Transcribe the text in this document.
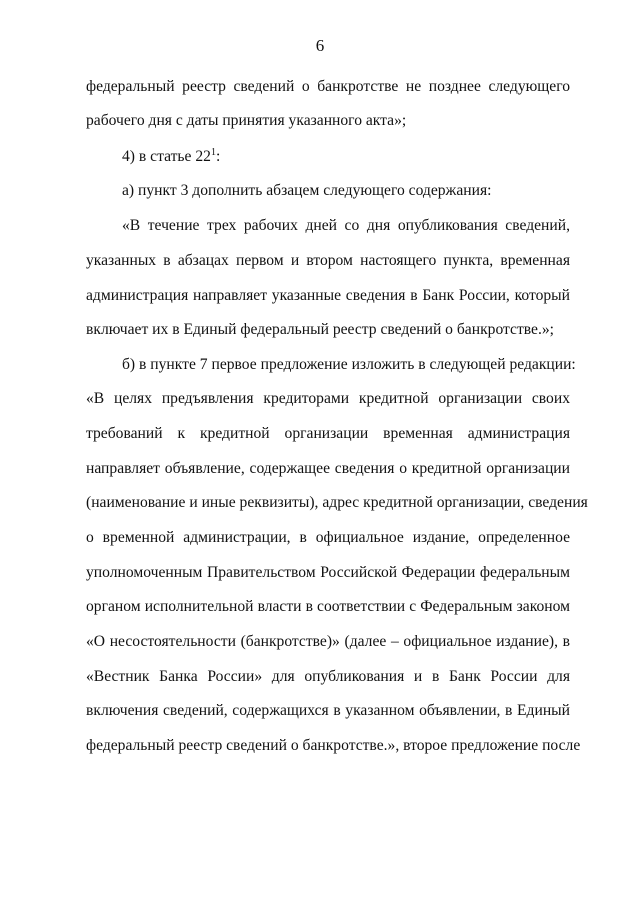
6
федеральный реестр сведений о банкротстве не позднее следующего
рабочего дня с даты принятия указанного акта»;
4) в статье $22^1$:
а) пункт 3 дополнить абзацем следующего содержания:
«В течение трех рабочих дней со дня опубликования сведений,
указанных в абзацах первом и втором настоящего пункта, временная
администрация направляет указанные сведения в Банк России, который
включает их в Единый федеральный реестр сведений о банкротстве.»;
б) в пункте 7 первое предложение изложить в следующей редакции:
«В целях предъявления кредиторами кредитной организации своих
требований к кредитной организации временная администрация
направляет объявление, содержащее сведения о кредитной организации
(наименование и иные реквизиты), адрес кредитной организации, сведения
о временной администрации, в официальное издание, определенное
уполномоченным Правительством Российской Федерации федеральным
органом исполнительной власти в соответствии с Федеральным законом
«О несостоятельности (банкротстве)» (далее – официальное издание), в
«Вестник Банка России» для опубликования и в Банк России для
включения сведений, содержащихся в указанном объявлении, в Единый
федеральный реестр сведений о банкротстве.», второе предложение после
